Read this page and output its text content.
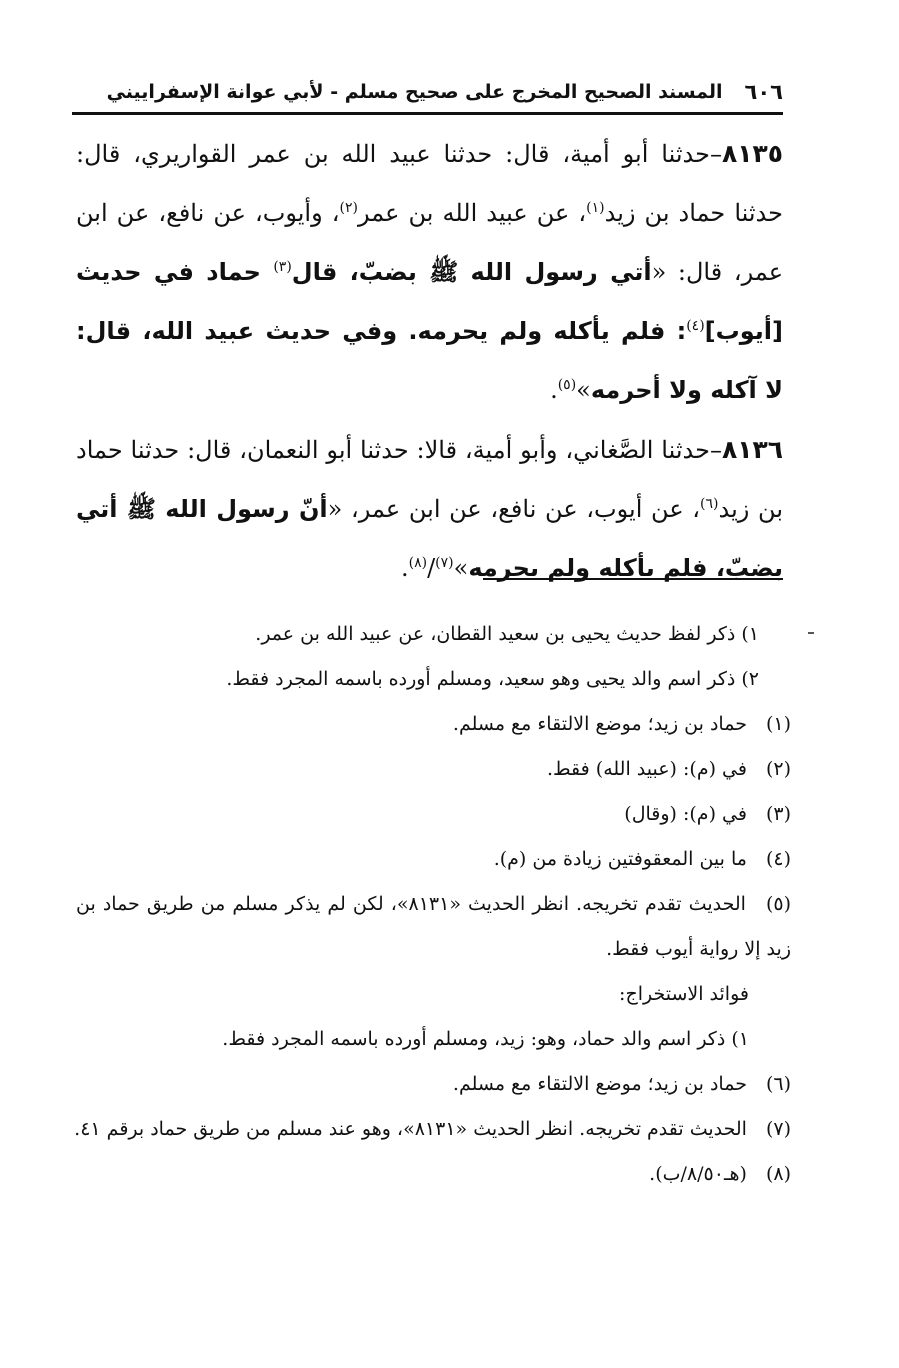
٦٠٦
المسند الصحيح المخرج على صحيح مسلم - لأبي عوانة الإسفراييني

٨١٣٥–حدثنا أبو أمية، قال: حدثنا عبيد الله بن عمر القواريري، قال: حدثنا حماد بن زيد$^{(١)}$، عن عبيد الله بن عمر$^{(٢)}$، وأيوب، عن نافع، عن ابن عمر، قال: «أتي رسول الله ﷺ بضبّ، قال$^{(٣)}$ حماد في حديث [أيوب]$^{(٤)}$: فلم يأكله ولم يحرمه. وفي حديث عبيد الله، قال: لا آكله ولا أحرمه»$^{(٥)}$.

٨١٣٦–حدثنا الصَّغاني، وأبو أمية، قالا: حدثنا أبو النعمان، قال: حدثنا حماد بن زيد$^{(٦)}$، عن أيوب، عن نافع، عن ابن عمر، «أنّ رسول الله ﷺ أتي بضبّ، فلم يأكله ولم يحرمه»$^{(٧)}$/$^{(٨)}$.

١) ذكر لفظ حديث يحيى بن سعيد القطان، عن عبيد الله بن عمر.
٢) ذكر اسم والد يحيى وهو سعيد، ومسلم أورده باسمه المجرد فقط.
(١) حماد بن زيد؛ موضع الالتقاء مع مسلم.
(٢) في (م): (عبيد الله) فقط.
(٣) في (م): (وقال)
(٤) ما بين المعقوفتين زيادة من (م).
(٥) الحديث تقدم تخريجه. انظر الحديث «٨١٣١»، لكن لم يذكر مسلم من طريق حماد بن زيد إلا رواية أيوب فقط.
فوائد الاستخراج:
١) ذكر اسم والد حماد، وهو: زيد، ومسلم أورده باسمه المجرد فقط.
(٦) حماد بن زيد؛ موضع الالتقاء مع مسلم.
(٧) الحديث تقدم تخريجه. انظر الحديث «٨١٣١»، وهو عند مسلم من طريق حماد برقم ٤١.
(٨) (هـ٨/٥٠/ب).
